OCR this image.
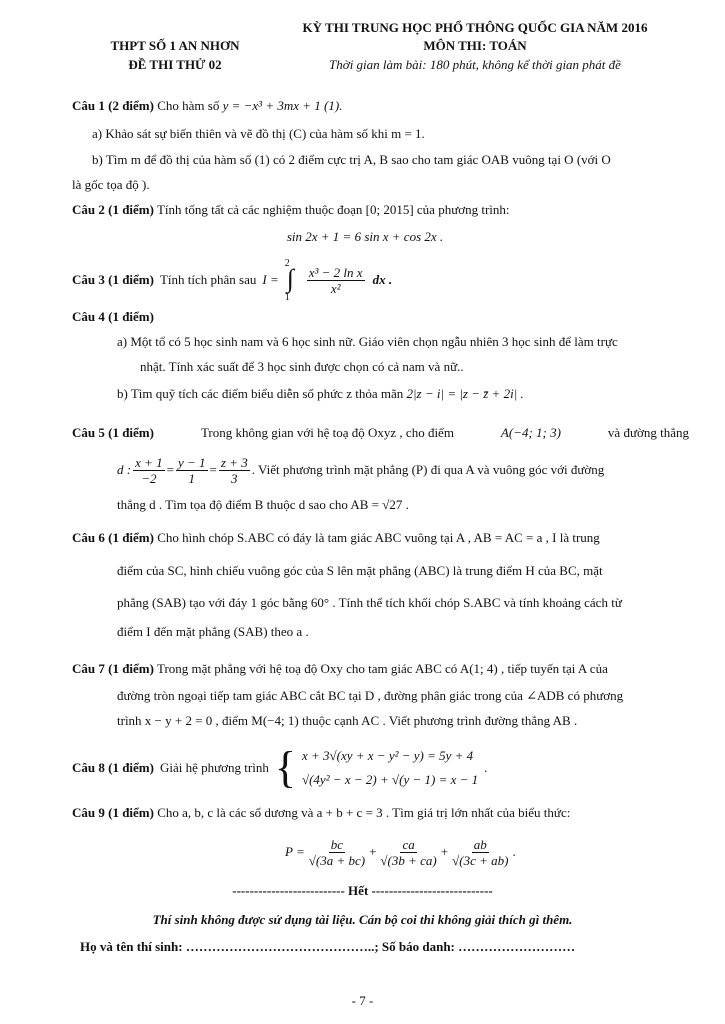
THPT SỐ 1 AN NHƠN
ĐỀ THI THỬ 02
KỲ THI TRUNG HỌC PHỔ THÔNG QUỐC GIA NĂM 2016
MÔN THI: TOÁN
Thời gian làm bài: 180 phút, không kể thời gian phát đề
Câu 1 (2 điểm) Cho hàm số y = −x³ + 3mx + 1 (1).
a) Khảo sát sự biến thiên và vẽ đồ thị (C) của hàm số khi m = 1.
b) Tìm m để đồ thị của hàm số (1) có 2 điểm cực trị A, B sao cho tam giác OAB vuông tại O (với O
là gốc tọa độ ).
Câu 2 (1 điểm) Tính tổng tất cả các nghiệm thuộc đoạn [0; 2015] của phương trình:
sin 2x + 1 = 6 sin x + cos 2x .
Câu 3 (1 điểm) Tính tích phân sau I =
2
∫
1
$\frac{\text{x³ − 2 ln x}}{\text{x²}}$ dx .
Câu 4 (1 điểm)
a) Một tổ có 5 học sinh nam và 6 học sinh nữ. Giáo viên chọn ngẫu nhiên 3 học sinh để làm trực
nhật. Tính xác suất để 3 học sinh được chọn có cả nam và nữ..
b) Tìm quỹ tích các điểm biểu diễn số phức z thỏa mãn 2|z − i| = |z − z̄ + 2i| .
Câu 5 (1 điểm)	Trong không gian với hệ toạ độ Oxyz , cho điểm	A(−4; 1; 3)	và đường thẳng
d : $\frac{x + 1}{-2} = \frac{y - 1}{1} = \frac{z + 3}{3}$ . Viết phương trình mặt phẳng (P) đi qua A và vuông góc với đường
thẳng d . Tìm tọa độ điểm B thuộc d sao cho AB = √27 .
Câu 6 (1 điểm) Cho hình chóp S.ABC có đáy là tam giác ABC vuông tại A , AB = AC = a , I là trung
điểm của SC, hình chiếu vuông góc của S lên mặt phẳng (ABC) là trung điểm H của BC, mặt
phẳng (SAB) tạo với đáy 1 góc bằng 60° . Tính thể tích khối chóp S.ABC và tính khoảng cách từ
điểm I đến mặt phẳng (SAB) theo a .
Câu 7 (1 điểm) Trong mặt phẳng với hệ toạ độ Oxy cho tam giác ABC có A(1; 4) , tiếp tuyến tại A của
đường tròn ngoại tiếp tam giác ABC cắt BC tại D , đường phân giác trong của ∠ADB có phương
trình x − y + 2 = 0 , điểm M(−4; 1) thuộc cạnh AC . Viết phương trình đường thẳng AB .
Câu 8 (1 điểm) Giải hệ phương trình { x + 3√(xy + x − y² − y) = 5y + 4
√(4y² − x − 2) + √(y − 1) = x − 1
.
Câu 9 (1 điểm) Cho a, b, c là các số dương và a + b + c = 3 . Tìm giá trị lớn nhất của biểu thức:
$P = \frac{bc}{√(3a + bc)} + \frac{ca}{√(3b + ca)} + \frac{ab}{√(3c + ab)}$ .
-------------------------- Hết ----------------------------
Thí sinh không được sử dụng tài liệu. Cán bộ coi thi không giải thích gì thêm.
Họ và tên thí sinh: ……………………………………..; Số báo danh: ………………………
- 7 -
